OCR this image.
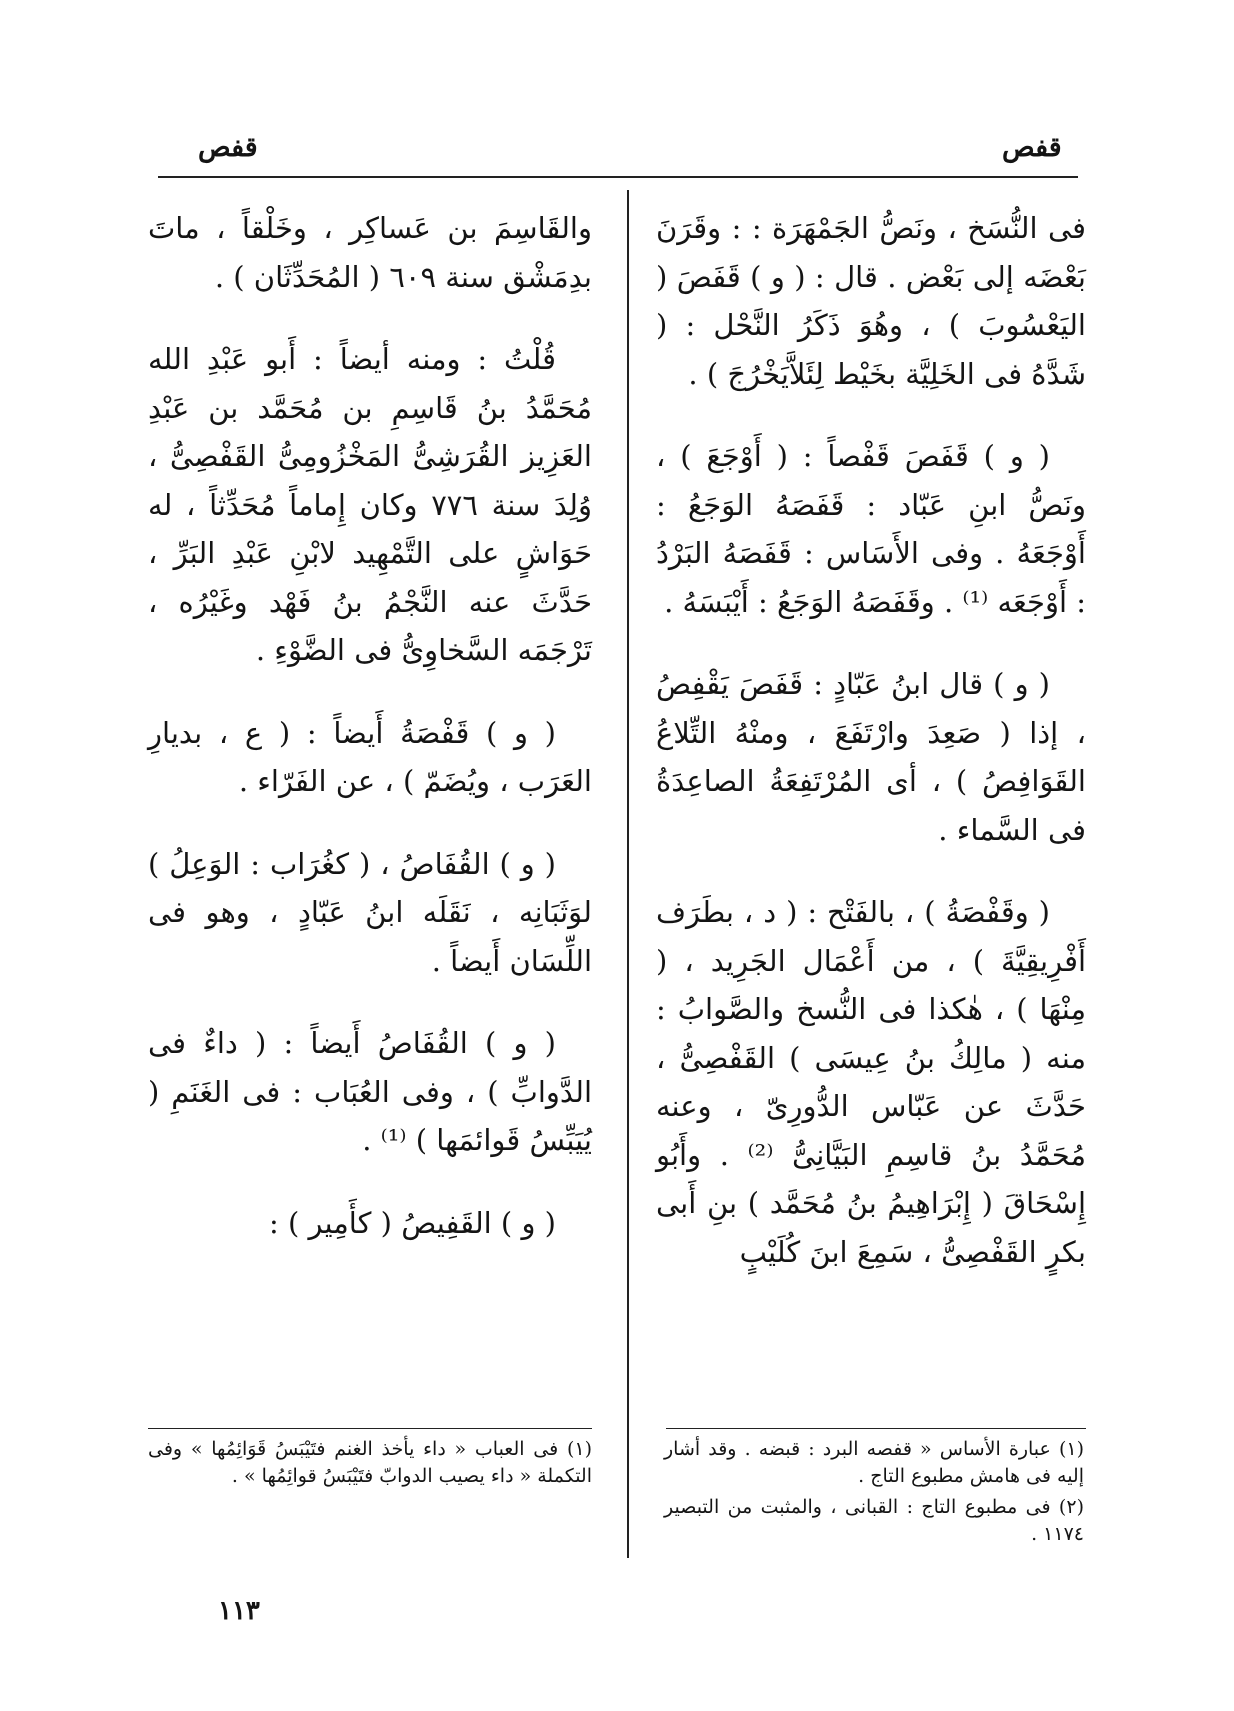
قفص
قفص

فى النُّسَخ ، ونَصُّ الجَمْهَرَة : : وقَرَنَ بَعْضَه إلى بَعْض . قال : ( و ) قَفَصَ ( اليَعْسُوبَ ) ، وهُوَ ذَكَرُ النَّحْل : ( شَدَّهُ فى الخَلِيَّة بخَيْط لِئَلاَّيَخْرُجَ ) .

( و ) قَفَصَ قَفْصاً : ( أَوْجَعَ ) ، ونَصُّ ابنِ عَبّاد : قَفَصَهُ الوَجَعُ : أَوْجَعَهُ . وفى الأَسَاس : قَفَصَهُ البَرْدُ : أَوْجَعَه ⁽¹⁾ . وقَفَصَهُ الوَجَعُ : أَيْبَسَهُ .

( و ) قال ابنُ عَبّادٍ : قَفَصَ يَقْفِصُ ، إذا ( صَعِدَ وارْتَفَعَ ، ومنْهُ التِّلاعُ القَوَافِصُ ) ، أى المُرْتَفِعَةُ الصاعِدَةُ فى السَّماء .

( وقَفْصَةُ ) ، بالفَتْح : ( د ، بطَرَف أَفْرِيقِيَّةَ ) ، من أَعْمَال الجَرِيد ، ( مِنْهَا ) ، هٰكذا فى النُّسخ والصَّوابُ : منه ( مالِكُ بنُ عِيسَى ) القَفْصِىُّ ، حَدَّثَ عن عَبّاس الدُّورِىّ ، وعنه مُحَمَّدُ بنُ قاسِمِ البَيَّانِىُّ ⁽²⁾ . وأَبُو إِسْحَاقَ ( إِبْرَاهِيمُ بنُ مُحَمَّد ) بنِ أَبى بكرٍ القَفْصِىُّ ، سَمِعَ ابنَ كُلَيْبٍ

والقَاسِمَ بن عَساكِر ، وخَلْقاً ، ماتَ بدِمَشْق سنة ٦٠٩ ( المُحَدِّثَان ) .

قُلْتُ : ومنه أيضاً : أَبو عَبْدِ الله مُحَمَّدُ بنُ قَاسِمِ بن مُحَمَّد بن عَبْدِ العَزِيز القُرَشِىُّ المَخْزُومِىُّ القَفْصِىُّ ، وُلِدَ سنة ٧٧٦ وكان إِماماً مُحَدِّثاً ، له حَوَاشٍ على التَّمْهِيد لابْنِ عَبْدِ البَرِّ ، حَدَّثَ عنه النَّجْمُ بنُ فَهْد وغَيْرُه ، تَرْجَمَه السَّخاوِىُّ فى الضَّوْءِ .

( و ) قَفْصَةُ أَيضاً : ( ع ، بديارِ العَرَب ، ويُضَمّ ) ، عن الفَرّاء .

( و ) القُفَاصُ ، ( كغُرَاب : الوَعِلُ ) لوَثَبَانِه ، نَقَلَه ابنُ عَبّادٍ ، وهو فى اللِّسَان أَيضاً .

( و ) القُفَاصُ أَيضاً : ( داءٌ فى الدَّوابِّ ) ، وفى العُبَاب : فى الغَنَمِ ( يُيَبِّسُ قَوائمَها ) ⁽¹⁾ .

( و ) القَفِيصُ ( كأَمِير ) :

(١) عبارة الأساس « قفصه البرد : قبضه . وقد أشار إليه فى هامش مطبوع التاج .
(٢) فى مطبوع التاج : القبانى ، والمثبت من التبصير ١١٧٤ .
(١) فى العباب « داء يأخذ الغنم فتَيْبَسُ قَوَائِمُها » وفى التكملة « داء يصيب الدوابّ فتَيْبَسُ قوائِمُها » .
١١٣
